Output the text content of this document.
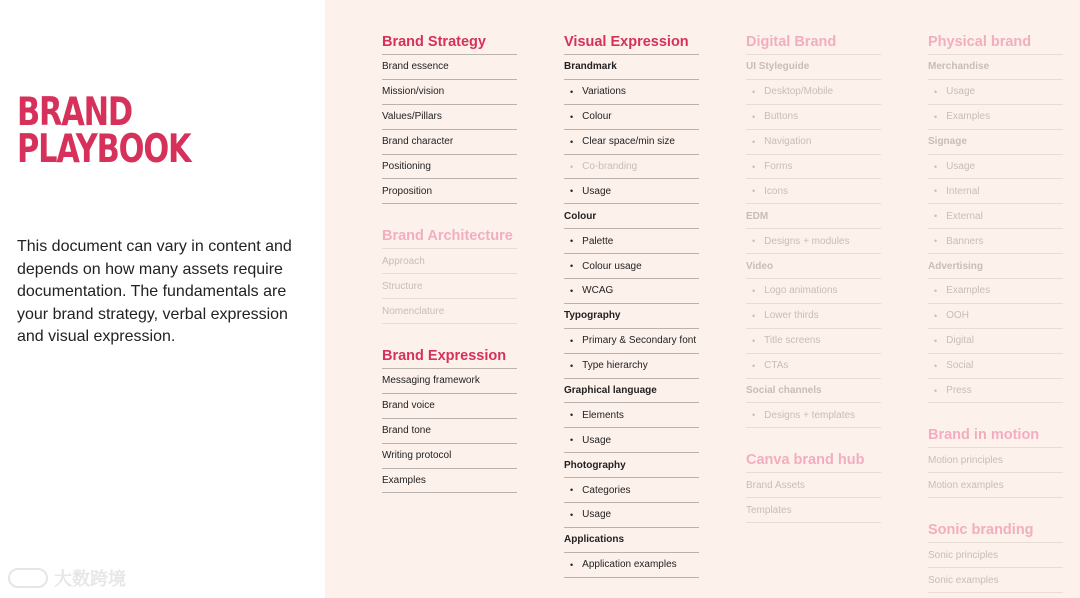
BRAND
PLAYBOOK

This document can vary in content and depends on how many assets require documentation. The fundamentals are your brand strategy, verbal expression and visual expression.

大数跨境
Brand Strategy
Brand essence
Mission/vision
Values/Pillars
Brand character
Positioning
Proposition
Brand Architecture
Approach
Structure
Nomenclature
Brand Expression
Messaging framework
Brand voice
Brand tone
Writing protocol
Examples
Visual Expression
Brandmark
• Variations
• Colour
• Clear space/min size
• Co-branding
• Usage
Colour
• Palette
• Colour usage
• WCAG
Typography
• Primary & Secondary font
• Type hierarchy
Graphical language
• Elements
• Usage
Photography
• Categories
• Usage
Applications
• Application examples
Digital Brand
UI Styleguide
• Desktop/Mobile
• Buttons
• Navigation
• Forms
• Icons
EDM
• Designs + modules
Video
• Logo animations
• Lower thirds
• Title screens
• CTAs
Social channels
• Designs + templates
Canva brand hub
Brand Assets
Templates
Physical brand
Merchandise
• Usage
• Examples
Signage
• Usage
• Internal
• External
• Banners
Advertising
• Examples
• OOH
• Digital
• Social
• Press
Brand in motion
Motion principles
Motion examples
Sonic branding
Sonic principles
Sonic examples
